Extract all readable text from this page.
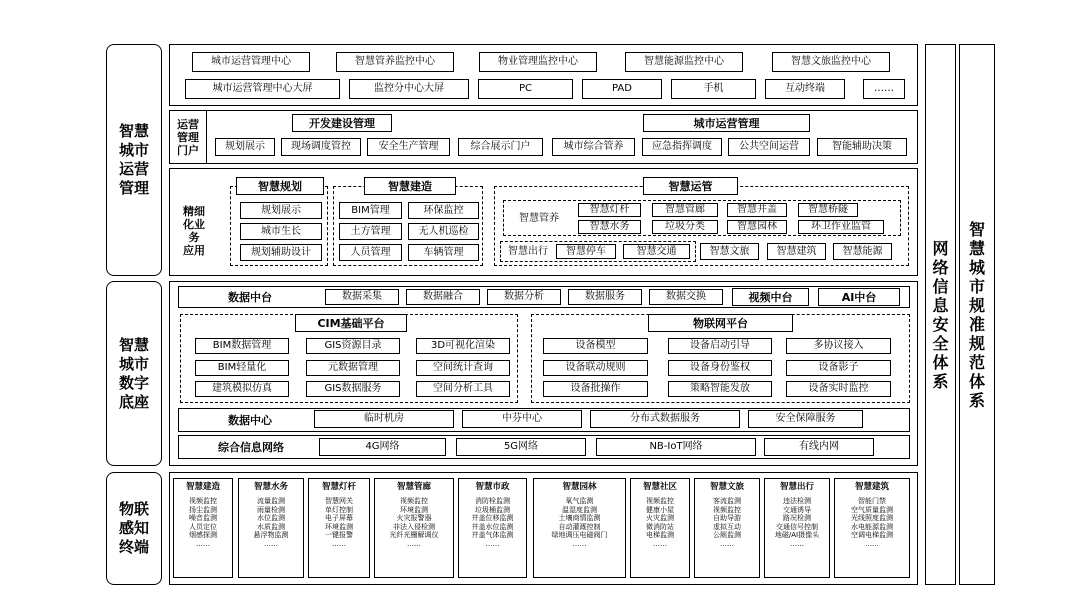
智慧
城市
运营
管理
智慧
城市
数字
底座
物联
感知
终端
网
络
信
息
安
全
体
系
智
慧
城
市
规
准
规
范
体
系
城市运营管理中心	智慧管养监控中心	物业管理监控中心	智慧能源监控中心	智慧文旅监控中心
城市运营管理中心大屏	监控分中心大屏	PC	PAD	手机	互动终端	……
运营
管理
门户
开发建设管理	城市运营管理
规划展示	现场调度管控	安全生产管理	综合展示门户	城市综合管养	应急指挥调度	公共空间运营	智能辅助决策
精细
化业
务
应用
智慧规划
规划展示
城市生长
规划辅助设计
智慧建造
BIM管理	环保监控
土方管理	无人机巡检
人员管理	车辆管理
智慧运管
智慧管养
智慧灯杆	智慧管廊	智慧井盖	智慧桥隧
智慧水务	垃圾分类	智慧园林	环卫作业监管
智慧出行	智慧停车	智慧交通	智慧文旅	智慧建筑	智慧能源
数据中台	数据采集	数据融合	数据分析	数据服务	数据交换	视频中台	AI中台
CIM基础平台
BIM数据管理	GIS资源目录	3D可视化渲染
BIM轻量化	元数据管理	空间统计查询
建筑模拟仿真	GIS数据服务	空间分析工具
物联网平台
设备模型	设备启动引导	多协议接入
设备联动规则	设备身份鉴权	设备影子
设备批操作	策略智能发放	设备实时监控
数据中心	临时机房	中芬中心	分布式数据服务	安全保障服务
综合信息网络	4G网络	5G网络	NB-IoT网络	有线内网
智慧建造
视频监控
扬尘监测
噪音监测
人员定位
烟感探测
……
智慧水务
流量监测
雨量检测
水位监测
水质监测
悬浮物监测
……
智慧灯杆
智慧网关
单灯控制
电子屏幕
环境监测
一键报警
……
智慧管廊
视频监控
环境监测
火灾报警器
非法入侵检测
光纤光栅解调仪
……
智慧市政
消防栓监测
垃圾桶监测
井盖位移监测
井盖水位监测
井盖气体监测
……
智慧园林
氧气监测
温湿度监测
土壤商情监测
自动灌溉控制
绿地调压电磁阀门
……
智慧社区
视频监控
健康小屋
火灾监测
微消防站
电梯监测
……
智慧文旅
客流监测
视频监控
自助导游
虚拟互动
公厕监测
……
智慧出行
违法检测
交通诱导
路况检测
交通信号控制
地磁/AI摄像头
……
智慧建筑
智能门禁
空气质量监测
光线照度监测
水电能源监测
空调电梯监测
……
